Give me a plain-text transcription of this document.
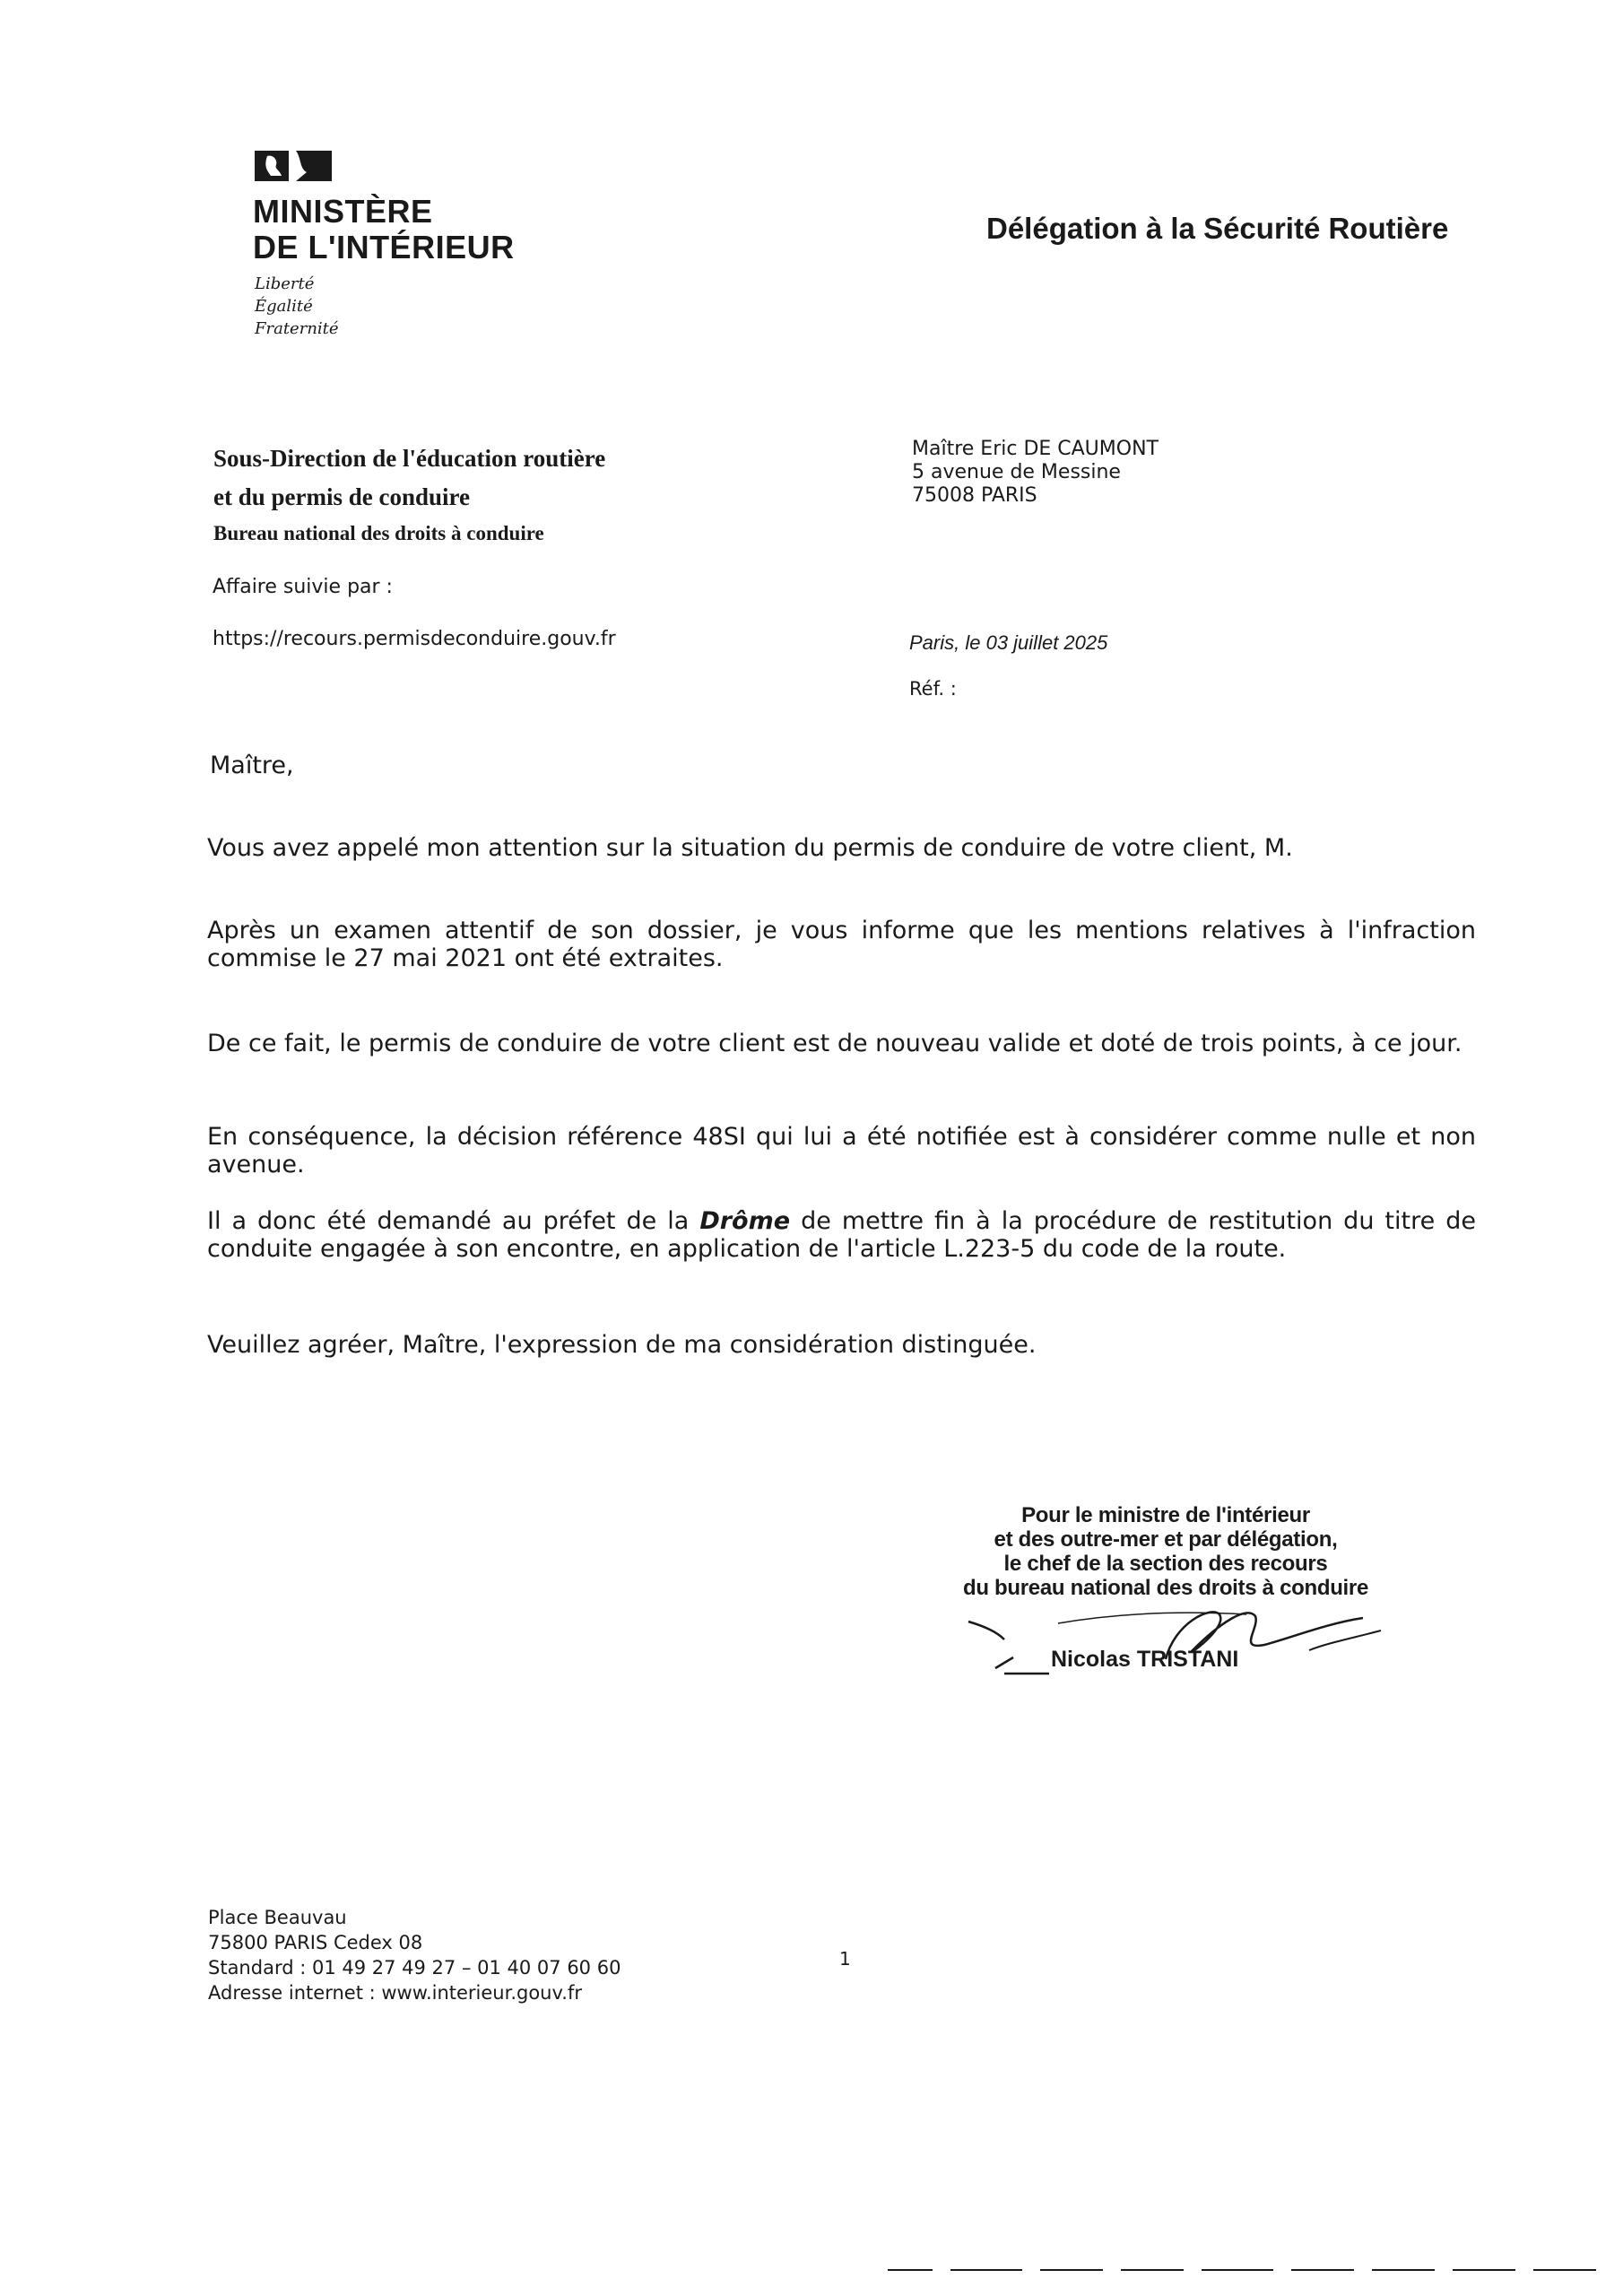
MINISTÈRE
DE L'INTÉRIEUR
Liberté
Égalité
Fraternité
Délégation à la Sécurité Routière
Sous-Direction de l'éducation routière
et du permis de conduire
Bureau national des droits à conduire
Affaire suivie par :
https://recours.permisdeconduire.gouv.fr
Maître Eric DE CAUMONT
5 avenue de Messine
75008 PARIS
Paris, le 03 juillet 2025
Réf. :
Maître,
Vous avez appelé mon attention sur la situation du permis de conduire de votre client, M.
Après un examen attentif de son dossier, je vous informe que les mentions relatives à l'infraction commise le 27 mai 2021 ont été extraites.
De ce fait, le permis de conduire de votre client est de nouveau valide et doté de trois points, à ce jour.
En conséquence, la décision référence 48SI qui lui a été notifiée est à considérer comme nulle et non avenue.
Il a donc été demandé au préfet de la Drôme de mettre fin à la procédure de restitution du titre de conduite engagée à son encontre, en application de l'article L.223-5 du code de la route.
Veuillez agréer, Maître, l'expression de ma considération distinguée.
Pour le ministre de l'intérieur
et des outre-mer et par délégation,
le chef de la section des recours
du bureau national des droits à conduire
Nicolas TRISTANI
Place Beauvau
75800 PARIS Cedex 08
Standard : 01 49 27 49 27 – 01 40 07 60 60
Adresse internet : www.interieur.gouv.fr
1
